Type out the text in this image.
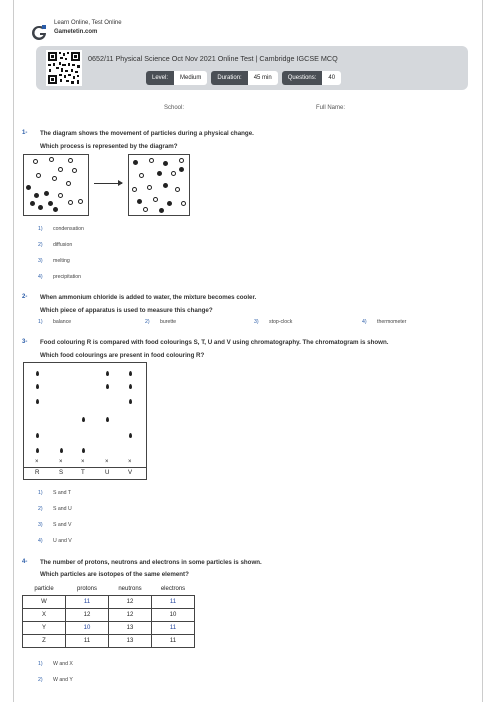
Learn Online, Test Online
Gametetin.com
0652/11 Physical Science Oct Nov 2021 Online Test | Cambridge IGCSE MCQ
Level:	Medium	Duration:	45 min	Questions:	40
School:	Full Name:
1- The diagram shows the movement of particles during a physical change.
Which process is represented by the diagram?
1) condensation
2) diffusion
3) melting
4) precipitation
2- When ammonium chloride is added to water, the mixture becomes cooler.
Which piece of apparatus is used to measure this change?
1) balance	2) burette	3) stop-clock	4) thermometer
3- Food colouring R is compared with food colourings S, T, U and V using chromatography. The chromatogram is shown.
Which food colourings are present in food colouring R?
×	×	×	×	×
R	S	T	U	V
1) S and T
2) S and U
3) S and V
4) U and V
4- The number of protons, neutrons and electrons in some particles is shown.
Which particles are isotopes of the same element?
particle	protons	neutrons	electrons
W	11	12	11
X	12	12	10
Y	10	13	11
Z	11	13	11
1) W and X
2) W and Y
